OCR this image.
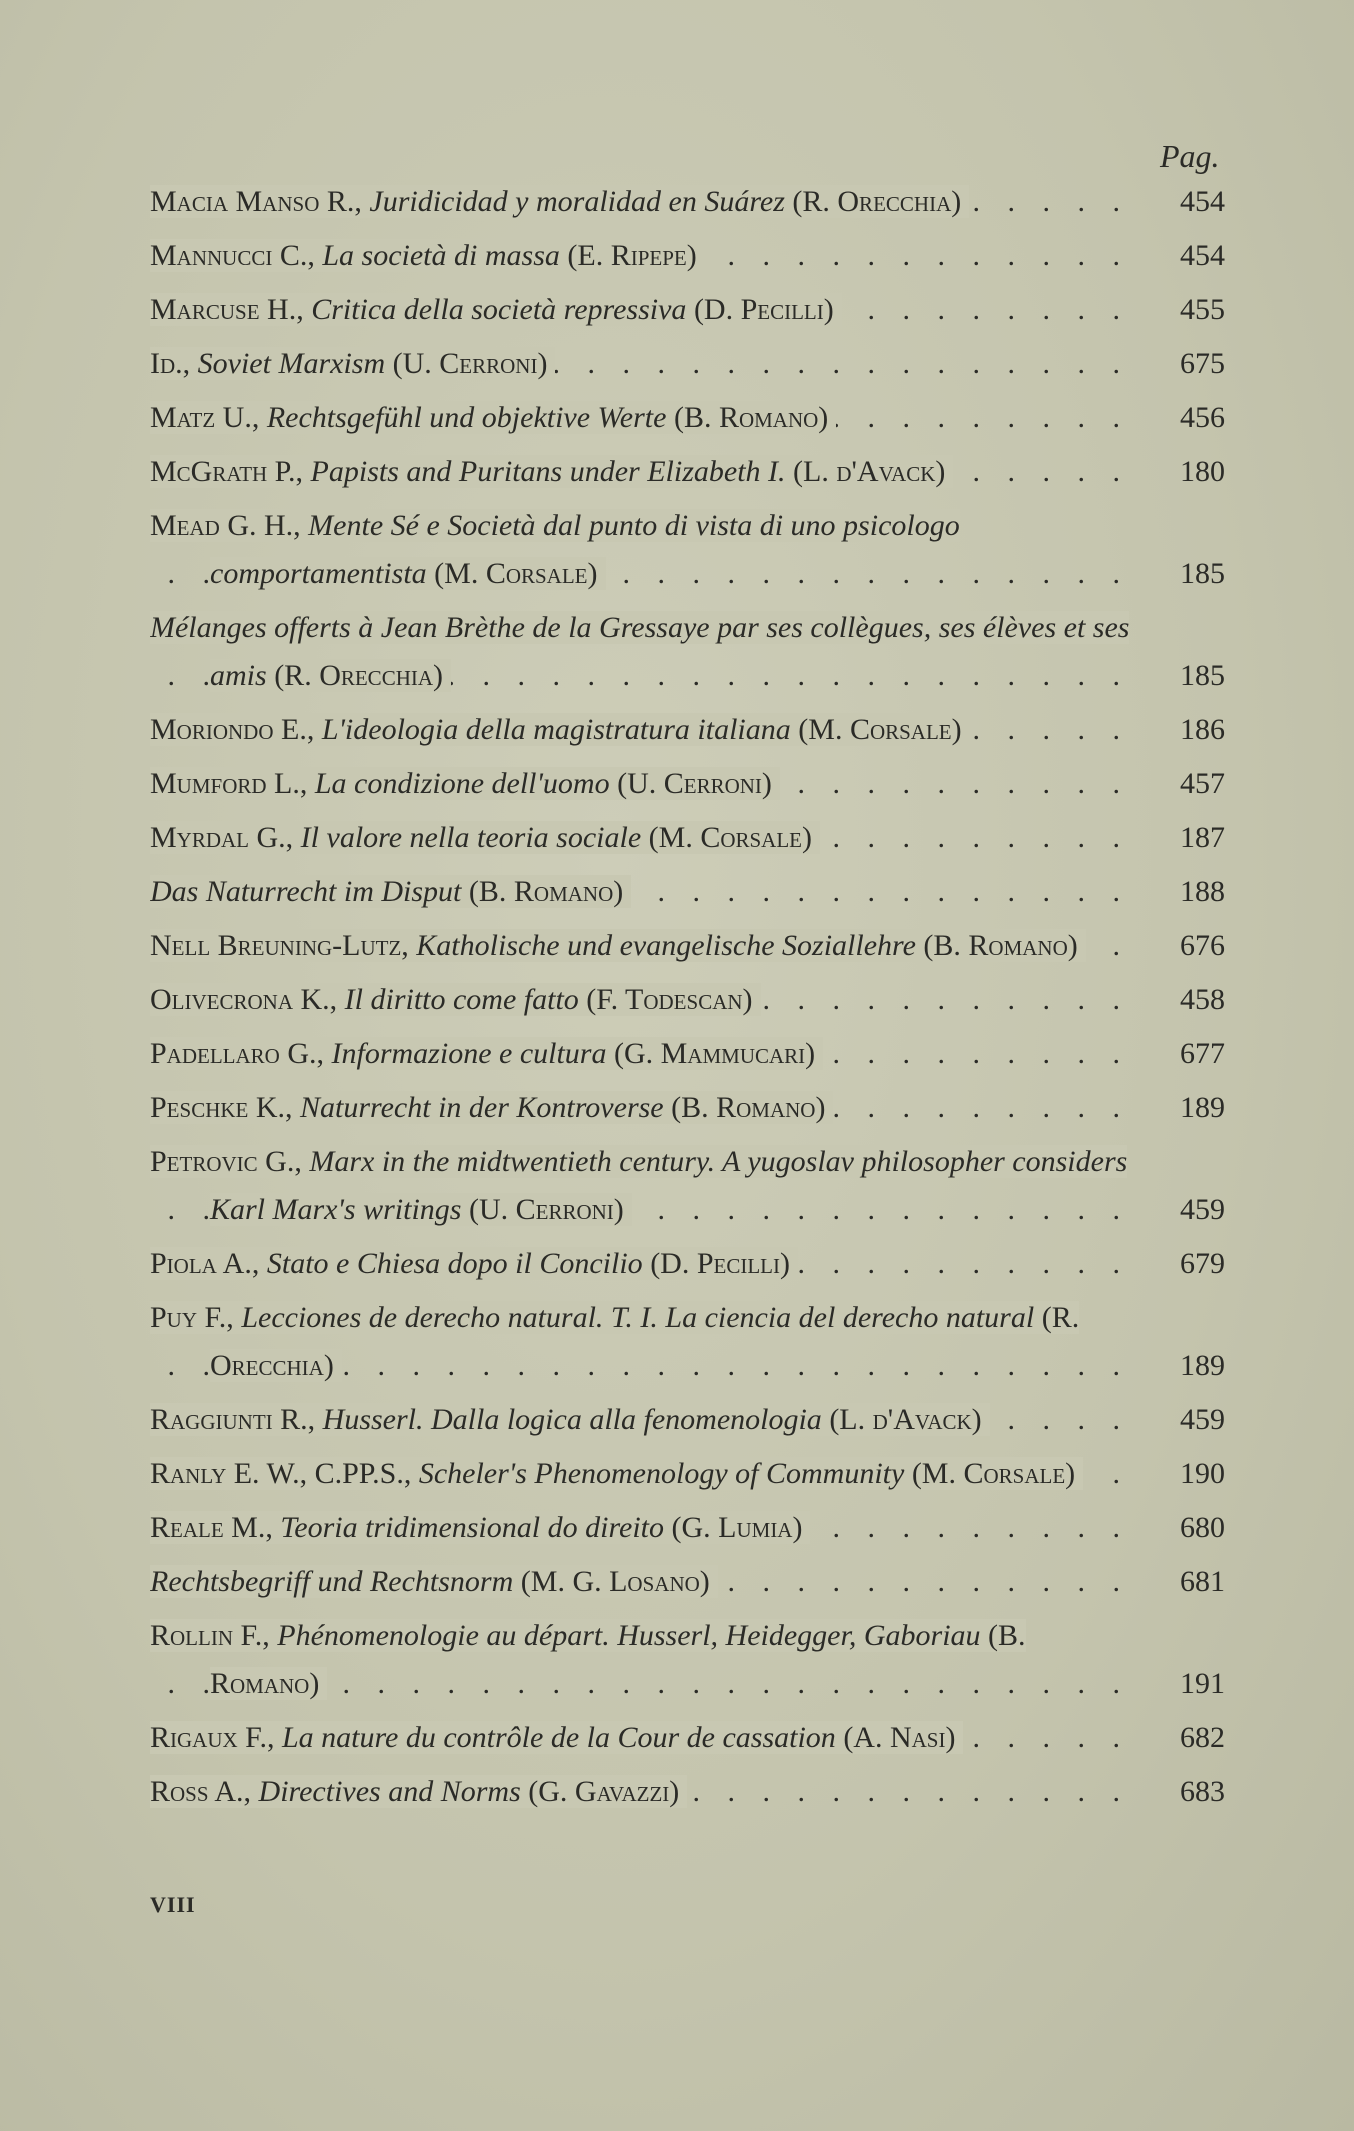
Pag.
Macia Manso R., Juridicidad y moralidad en Suárez (R. Orecchia)	454
. . .
Mannucci C., La società di massa (E. Ripepe)	454
. . .
Marcuse H., Critica della società repressiva (D. Pecilli)	455
. . .
Id., Soviet Marxism (U. Cerroni)	675
. . .
Matz U., Rechtsgefühl und objektive Werte (B. Romano)	456
. . .
McGrath P., Papists and Puritans under Elizabeth I. (L. d'Avack)	180
. . .
Mead G. H., Mente Sé e Società dal punto di vista di uno psicologo comportamentista (M. Corsale)	185
. . .
Mélanges offerts à Jean Brèthe de la Gressaye par ses collègues, ses élèves et ses amis (R. Orecchia)	185
. . .
Moriondo E., L'ideologia della magistratura italiana (M. Corsale)	186
. . .
Mumford L., La condizione dell'uomo (U. Cerroni)	457
. . .
Myrdal G., Il valore nella teoria sociale (M. Corsale)	187
. . .
Das Naturrecht im Disput (B. Romano)	188
. . .
Nell Breuning-Lutz, Katholische und evangelische Soziallehre (B. Romano)	676
. . .
Olivecrona K., Il diritto come fatto (F. Todescan)	458
. . .
Padellaro G., Informazione e cultura (G. Mammucari)	677
. . .
Peschke K., Naturrecht in der Kontroverse (B. Romano)	189
. . .
Petrovic G., Marx in the midtwentieth century. A yugoslav philosopher considers Karl Marx's writings (U. Cerroni)	459
. . .
Piola A., Stato e Chiesa dopo il Concilio (D. Pecilli)	679
. . .
Puy F., Lecciones de derecho natural. T. I. La ciencia del derecho natural (R. Orecchia)	189
. . .
Raggiunti R., Husserl. Dalla logica alla fenomenologia (L. d'Avack)	459
. . .
Ranly E. W., C.PP.S., Scheler's Phenomenology of Community (M. Corsale)	190
. . .
Reale M., Teoria tridimensional do direito (G. Lumia)	680
. . .
Rechtsbegriff und Rechtsnorm (M. G. Losano)	681
. . .
Rollin F., Phénomenologie au départ. Husserl, Heidegger, Gaboriau (B. Romano)	191
. . .
Rigaux F., La nature du contrôle de la Cour de cassation (A. Nasi)	682
. . .
Ross A., Directives and Norms (G. Gavazzi)	683
. . .
VIII
